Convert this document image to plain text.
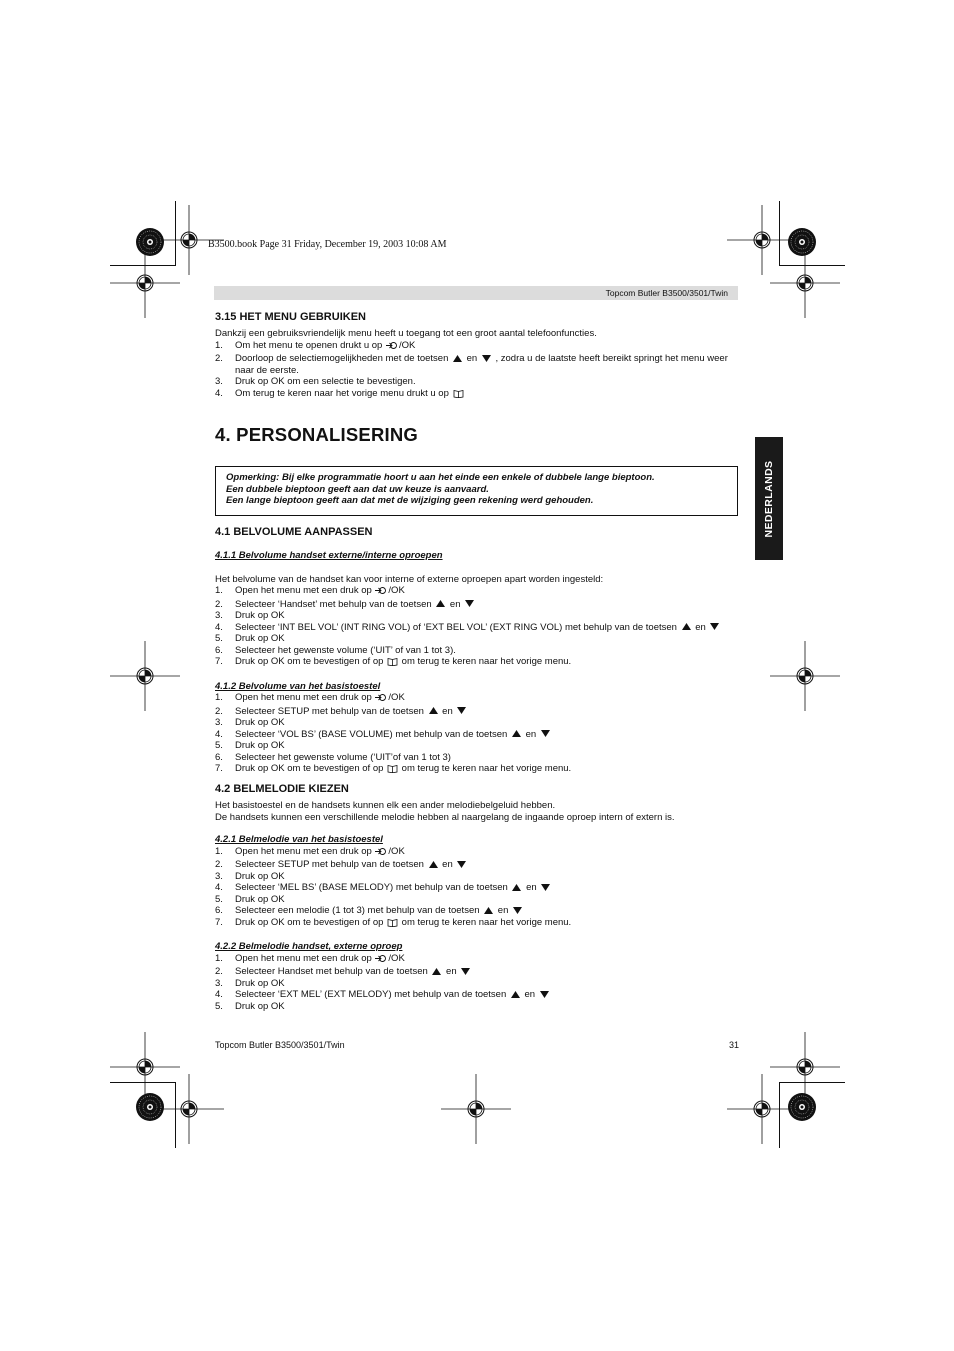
B3500.book Page 31 Friday, December 19, 2003 10:08 AM
Topcom Butler B3500/3501/Twin
NEDERLANDS
3.15 HET MENU GEBRUIKEN

Dankzij een gebruiksvriendelijk menu heeft u toegang tot een groot aantal telefoonfuncties.

1. Om het menu te openen drukt u op /OK
2. Doorloop de selectiemogelijkheden met de toetsen
en
, zodra u de laatste heeft bereikt springt het menu weer naar de eerste.
3. Druk op OK om een selectie te bevestigen.
4. Om terug te keren naar het vorige menu drukt u op
4. PERSONALISERING

Opmerking: Bij elke programmatie hoort u aan het einde een enkele of dubbele lange bieptoon.

Een dubbele bieptoon geeft aan dat uw keuze is aanvaard.

Een lange bieptoon geeft aan dat met de wijziging geen rekening werd gehouden.

4.1 BELVOLUME AANPASSEN
4.1.1 Belvolume handset externe/interne oproepen

Het belvolume van de handset kan voor interne of externe oproepen apart worden ingesteld:

1. Open het menu met een druk op /OK
2. Selecteer ‘Handset’ met behulp van de toetsen
en
3. Druk op OK
4. Selecteer ‘INT BEL VOL’ (INT RING VOL) of ‘EXT BEL VOL’ (EXT RING VOL) met behulp van de toetsen
en
5. Druk op OK
6. Selecteer het gewenste volume (‘UIT’ of van 1 tot 3).
7. Druk op OK om te bevestigen of op  om terug te keren naar het vorige menu.
4.1.2 Belvolume van het basistoestel
1. Open het menu met een druk op /OK
2. Selecteer SETUP met behulp van de toetsen
en
3. Druk op OK
4. Selecteer ‘VOL BS’ (BASE VOLUME) met behulp van de toetsen
en
5. Druk op OK
6. Selecteer het gewenste volume (‘UIT’of van 1 tot 3)
7. Druk op OK om te bevestigen of op  om terug te keren naar het vorige menu.
4.2 BELMELODIE KIEZEN

Het basistoestel en de handsets kunnen elk een ander melodiebelgeluid hebben.

De handsets kunnen een verschillende melodie hebben al naargelang de ingaande oproep intern of extern is.

4.2.1 Belmelodie van het basistoestel
1. Open het menu met een druk op /OK
2. Selecteer SETUP met behulp van de toetsen
en
3. Druk op OK
4. Selecteer ‘MEL BS’ (BASE MELODY) met behulp van de toetsen
en
5. Druk op OK
6. Selecteer een melodie (1 tot 3) met behulp van de toetsen
en
7. Druk op OK om te bevestigen of op  om terug te keren naar het vorige menu.
4.2.2 Belmelodie handset, externe oproep
1. Open het menu met een druk op /OK
2. Selecteer Handset met behulp van de toetsen
en
3. Druk op OK
4. Selecteer ‘EXT MEL’ (EXT MELODY) met behulp van de toetsen
en
5. Druk op OK
Topcom Butler B3500/3501/Twin	31
